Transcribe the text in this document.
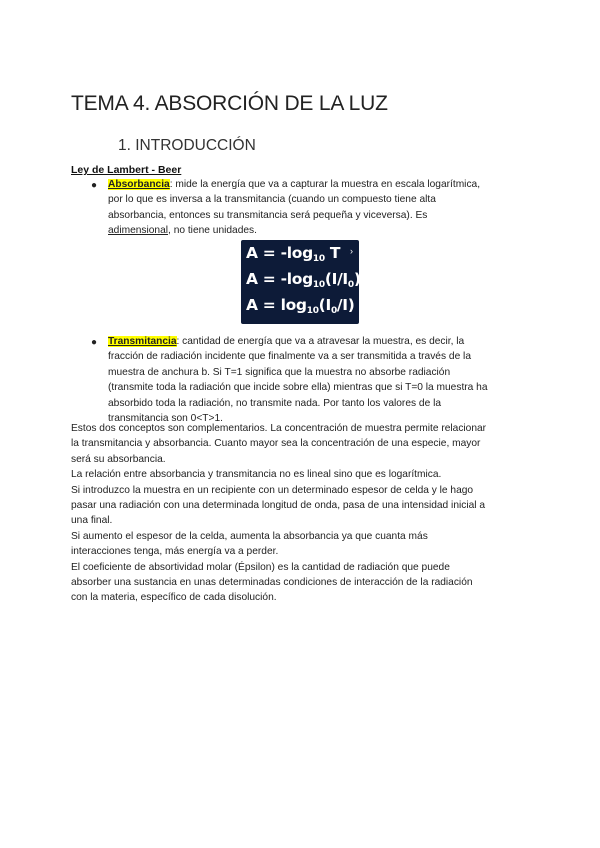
TEMA 4. ABSORCIÓN DE LA LUZ
1. INTRODUCCIÓN
Ley de Lambert - Beer
● Absorbancia: mide la energía que va a capturar la muestra en escala logarítmica,
por lo que es inversa a la transmitancia (cuando un compuesto tiene alta
absorbancia, entonces su transmitancia será pequeña y viceversa). Es
adimensional, no tiene unidades.
›
$A = -\log_{10}$ T
$A = -\log_{10}(I/I_0)$
$A = \log_{10}(I_0/I)$
● Transmitancia: cantidad de energía que va a atravesar la muestra, es decir, la
fracción de radiación incidente que finalmente va a ser transmitida a través de la
muestra de anchura b. Si T=1 significa que la muestra no absorbe radiación
(transmite toda la radiación que incide sobre ella) mientras que si T=0 la muestra ha
absorbido toda la radiación, no transmite nada. Por tanto los valores de la
transmitancia son 0<T>1.
Estos dos conceptos son complementarios. La concentración de muestra permite relacionar
la transmitancia y absorbancia. Cuanto mayor sea la concentración de una especie, mayor
será su absorbancia.
La relación entre absorbancia y transmitancia no es lineal sino que es logarítmica.
Si introduzco la muestra en un recipiente con un determinado espesor de celda y le hago
pasar una radiación con una determinada longitud de onda, pasa de una intensidad inicial a
una final.
Si aumento el espesor de la celda, aumenta la absorbancia ya que cuanta más
interacciones tenga, más energía va a perder.
El coeficiente de absortividad molar (Épsilon) es la cantidad de radiación que puede
absorber una sustancia en unas determinadas condiciones de interacción de la radiación
con la materia, específico de cada disolución.
